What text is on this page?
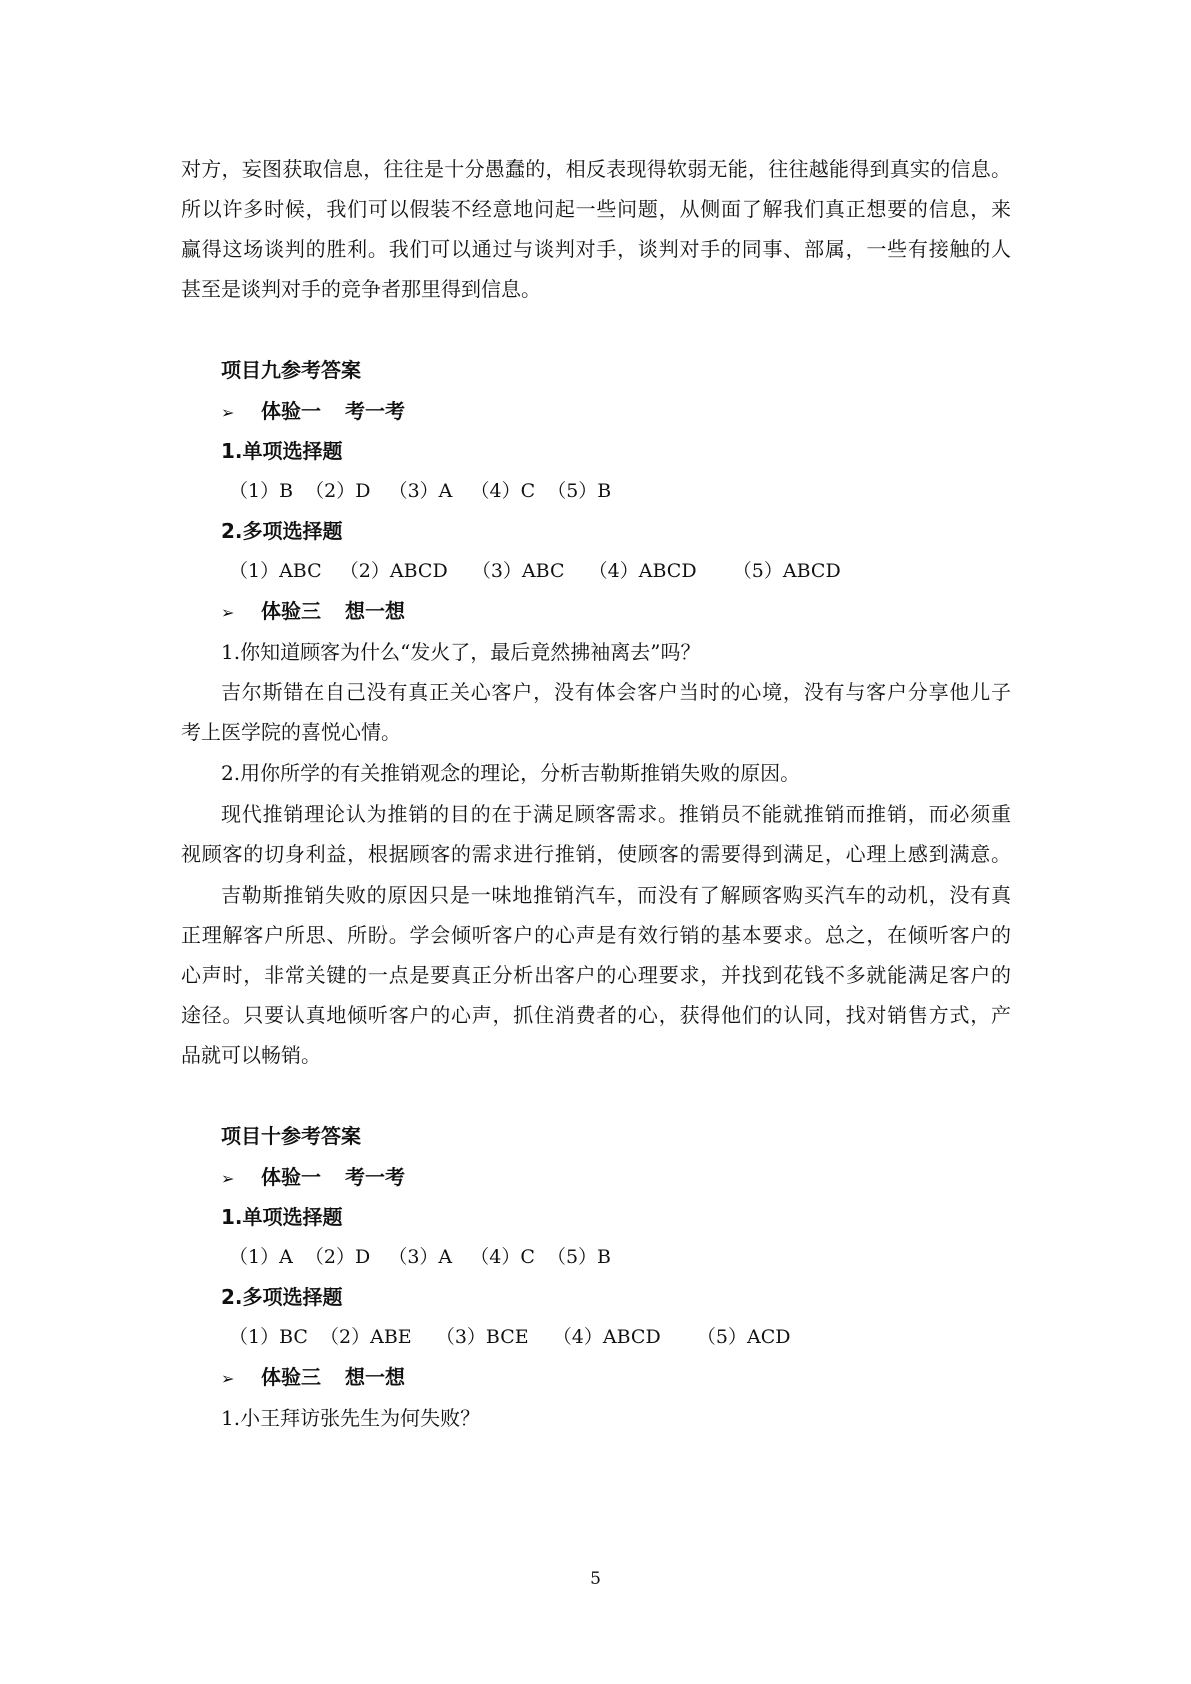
对方，妄图获取信息，往往是十分愚蠢的，相反表现得软弱无能，往往越能得到真实的信息。
所以许多时候，我们可以假装不经意地问起一些问题，从侧面了解我们真正想要的信息，来
赢得这场谈判的胜利。我们可以通过与谈判对手，谈判对手的同事、部属，一些有接触的人
甚至是谈判对手的竞争者那里得到信息。
项目九参考答案
➢ 体验一 考一考
1.单项选择题
（1）B  （2）D   （3）A   （4）C  （5）B
2.多项选择题
（1）ABC   （2）ABCD    （3）ABC    （4）ABCD      （5）ABCD
➢ 体验三 想一想
1.你知道顾客为什么“发火了，最后竟然拂袖离去”吗？
吉尔斯错在自己没有真正关心客户，没有体会客户当时的心境，没有与客户分享他儿子
考上医学院的喜悦心情。
2.用你所学的有关推销观念的理论，分析吉勒斯推销失败的原因。
现代推销理论认为推销的目的在于满足顾客需求。推销员不能就推销而推销，而必须重
视顾客的切身利益，根据顾客的需求进行推销，使顾客的需要得到满足，心理上感到满意。
吉勒斯推销失败的原因只是一味地推销汽车，而没有了解顾客购买汽车的动机，没有真
正理解客户所思、所盼。学会倾听客户的心声是有效行销的基本要求。总之，在倾听客户的
心声时，非常关键的一点是要真正分析出客户的心理要求，并找到花钱不多就能满足客户的
途径。只要认真地倾听客户的心声，抓住消费者的心，获得他们的认同，找对销售方式，产
品就可以畅销。
项目十参考答案
➢ 体验一 考一考
1.单项选择题
（1）A  （2）D   （3）A   （4）C  （5）B
2.多项选择题
（1）BC  （2）ABE    （3）BCE    （4）ABCD      （5）ACD
➢ 体验三 想一想
1.小王拜访张先生为何失败？
5
